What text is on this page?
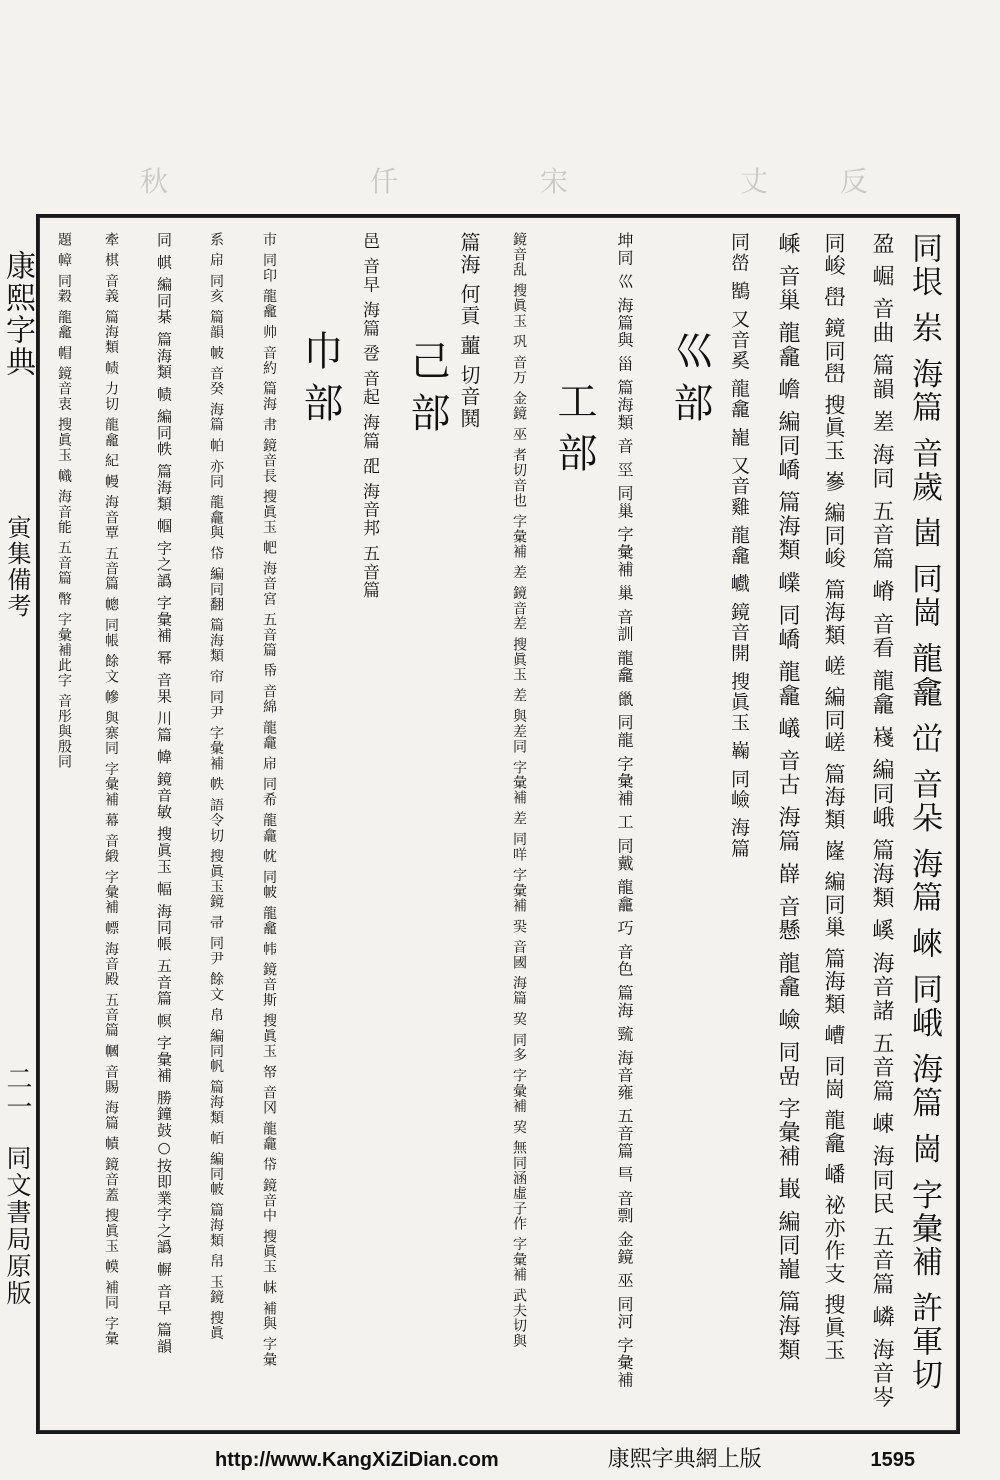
仟	丈	反
宋
秋
康熙字典
寅集備考
二一
同文書局原版	同垠 岽 海篇 音歲 崮 同崗 龍龕 峃 音朵 海篇 崍 同峨 海篇 崗 字彙補 許軍切
盈 崛 音曲 篇韻 嵳 海同 五音篇 嵴 音看 龍龕 嶘 編同峨 篇海類 嵠 海音諸 五音篇 崠 海同民 五音篇 嶙 海音岑
同峻 嶨 鏡同嶨 搜眞玉 嵾 編同峻 篇海類 嵯 編同嵯 篇海類 嶐 編同巢 篇海類 嶆 同崗 龍龕 嶓 祕亦作支 搜眞玉
嵊 音巢 龍龕 嶦 編同嶠 篇海類 嶫 同嶠 龍龕 嶬 音古 海篇 嶭 音懸 龍龕 嶮 同嵒 字彙補 嶯 編同巃 篇海類
同嵤 鶛 又音奚 龍龕 巃 又音雞 龍龕 巇 鏡音開 搜眞玉 巈 同嶮 海篇
巛部
坤同 巛 海篇與 甾 篇海類 音 巠 同巢 字彙補 巢 音訓 龍龕 巤 同龍 字彙補 工 同戴 龍龕 巧 音色 篇海 巰 海音雍 五音篇 巪 音剽 金鏡 巫 同河 字彙補
工部
鏡音乱 搜眞玉 巩 音万 金鏡 巫 者切音也 字彙補 差 鏡音差 搜眞玉 差 與差同 字彙補 差 同咩 字彙補 巬 音國 海篇 巭 同多 字彙補 巭 無同涵虛子作 字彙補 武夫切與
篇海 何貢 蘁 切音鬨
己部
邑 音早 海篇 卺 音起 海篇 巶 海音邦 五音篇
巾部
巿 同印 龍龕 帅 音約 篇海 帇 鏡音長 搜眞玉 帊 海音宮 五音篇 帋 音綿 龍龕 帍 同希 龍龕 帎 同帔 龍龕 帏 鏡音斯 搜眞玉 帑 音冈 龍龕 帒 鏡音中 搜眞玉 帓 補與 字彙
系 帍 同亥 篇韻 帔 音癸 海篇 帕 亦同 龍龕與 帒 編同翻 篇海類 帘 同尹 字彙補 帙 語令切 搜眞玉鏡 帚 同尹 餘文 帛 編同帆 篇海類 帞 編同帔 篇海類 帠 玉鏡 搜眞
同 帺 編同棊 篇海類 帻 編同帙 篇海類 帼 字之譌 字彙補 幂 音果 川篇 幃 鏡音敏 搜眞玉 幅 海同帳 五音篇 幎 字彙補 勝鐘鼓○按即業字之譌 幈 音早 篇韻
牽 棋 音義 篇海類 帻 力切 龍龕 紀 幔 海音覃 五音篇 幒 同帳 餘文 幓 與寨同 字彙補 幕 音緞 字彙補 幖 海音殿 五音篇 幗 音賜 海篇 幘 鏡音蓋 搜眞玉 幙 補同 字彙
題 幛 同穀 龍龕 帽 鏡音衷 搜眞玉 幟 海音能 五音篇 幣 字彙補此字 音彤與殷同
http://www.KangXiZiDian.com	康熙字典網上版	1595
